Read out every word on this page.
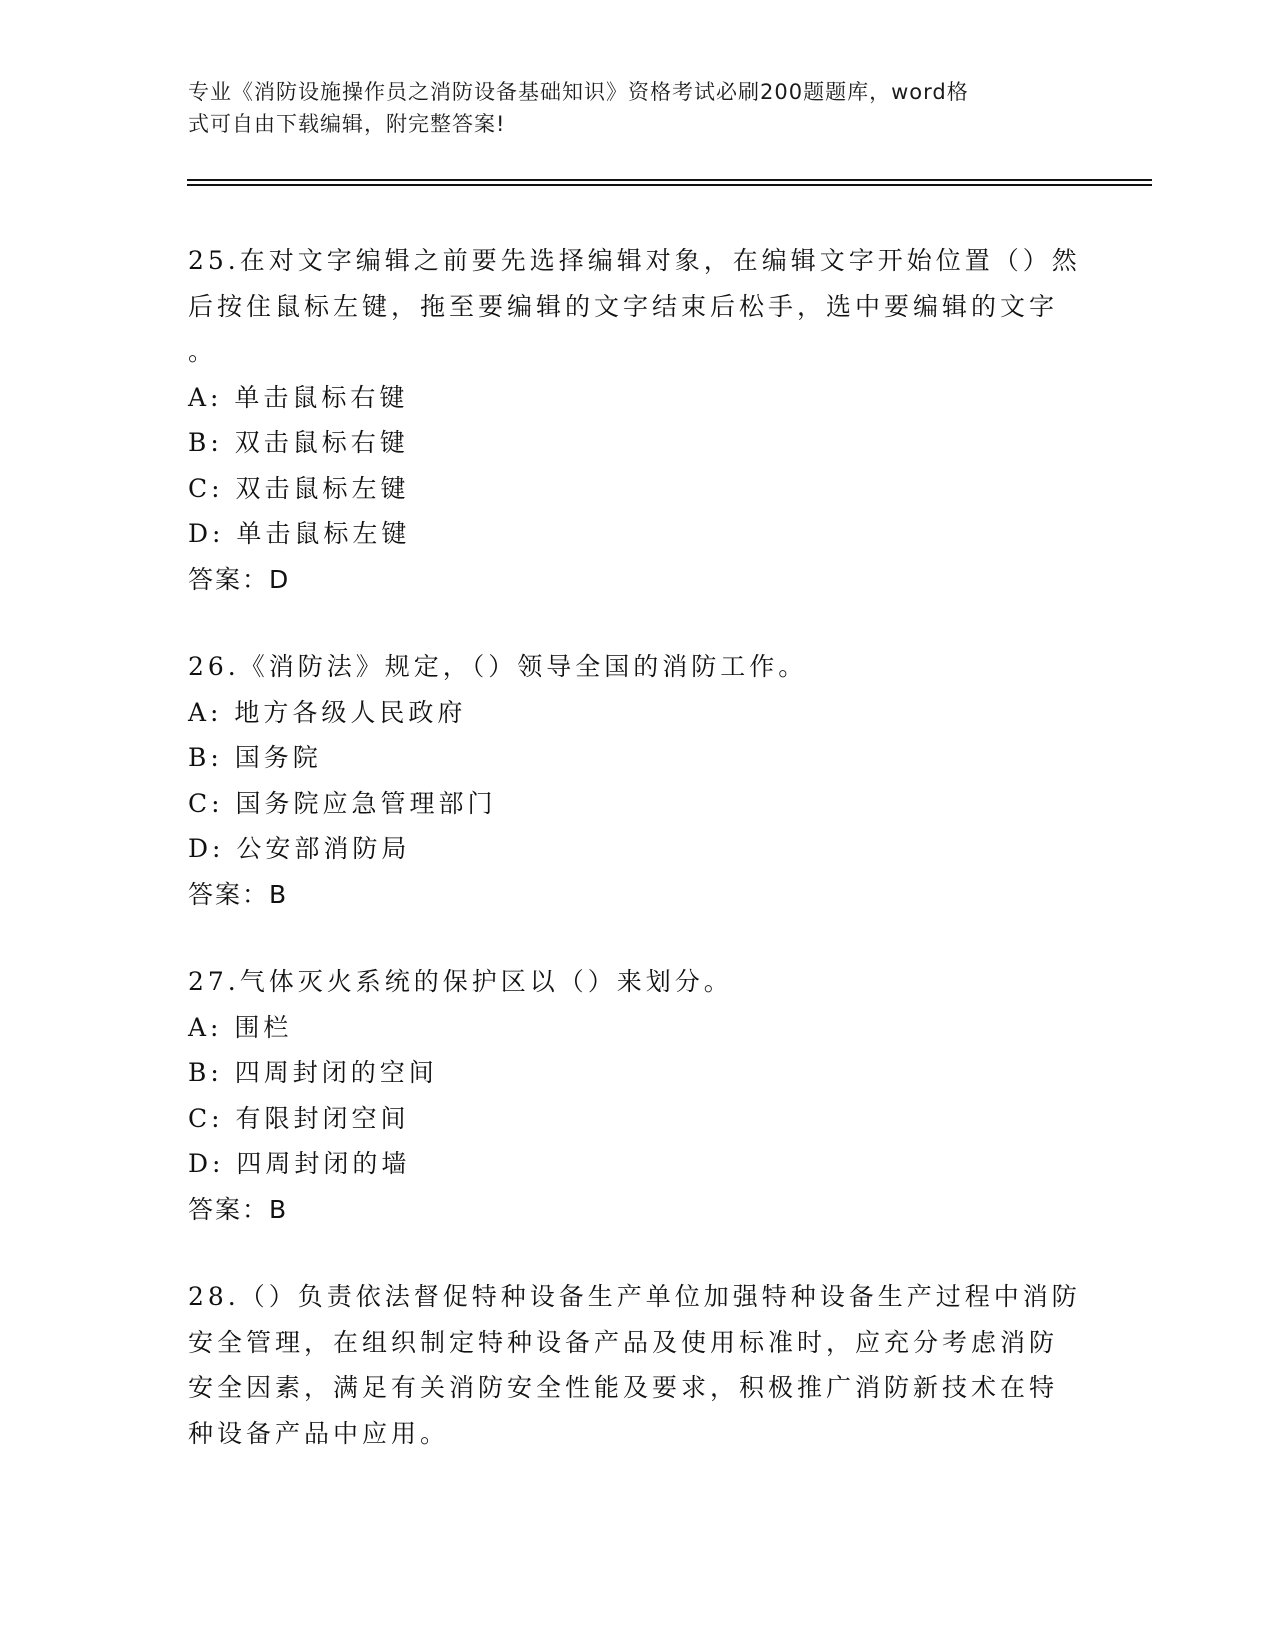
专业《消防设施操作员之消防设备基础知识》资格考试必刷200题题库，word格
式可自由下载编辑，附完整答案!

25.在对文字编辑之前要先选择编辑对象，在编辑文字开始位置（）然

后按住鼠标左键，拖至要编辑的文字结束后松手，选中要编辑的文字

。

A: 单击鼠标右键

B: 双击鼠标右键

C: 双击鼠标左键

D: 单击鼠标左键

答案：D

26.《消防法》规定，（）领导全国的消防工作。

A: 地方各级人民政府

B: 国务院

C: 国务院应急管理部门

D: 公安部消防局

答案：B

27.气体灭火系统的保护区以（）来划分。

A: 围栏

B: 四周封闭的空间

C: 有限封闭空间

D: 四周封闭的墙

答案：B

28.（）负责依法督促特种设备生产单位加强特种设备生产过程中消防

安全管理，在组织制定特种设备产品及使用标准时，应充分考虑消防

安全因素，满足有关消防安全性能及要求，积极推广消防新技术在特

种设备产品中应用。
